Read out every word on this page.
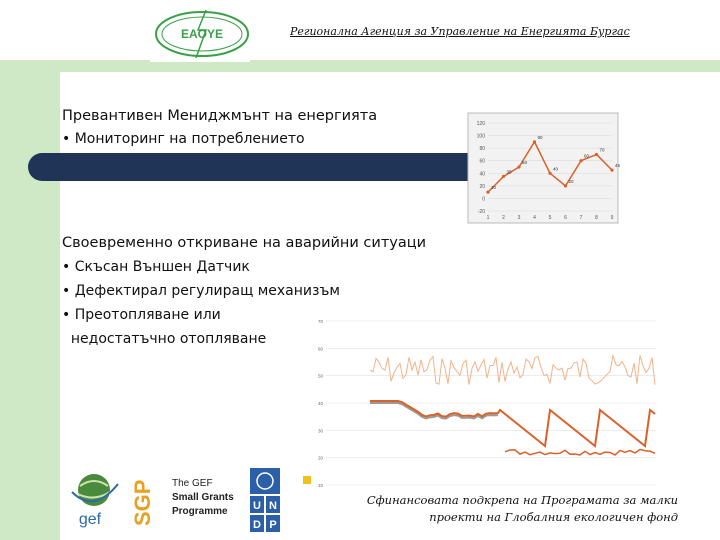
EAOYE	Регионална Агенция за Управление на Енергията Бургас
Превантивен Мениджмънт на енергията
• Мониторинг на потреблението
120
100
80
60
40
20
0
-20
1	2	3	4	5	6	7	8	9
10
35
50
90
40
20
60
70
45
Своевременно откриване на аварийни ситуаци
• Скъсан Външен Датчик
• Дефектирал регулиращ механизъм
• Преотопляване или
недостатъчно отопляване
70
60
50
40
30
20
10
gef SGP The GEF
Small Grants
Programme U N
D P
Сфинансовата подкрепа на Програмата за малки
проекти на Глобалния екологичен фонд
